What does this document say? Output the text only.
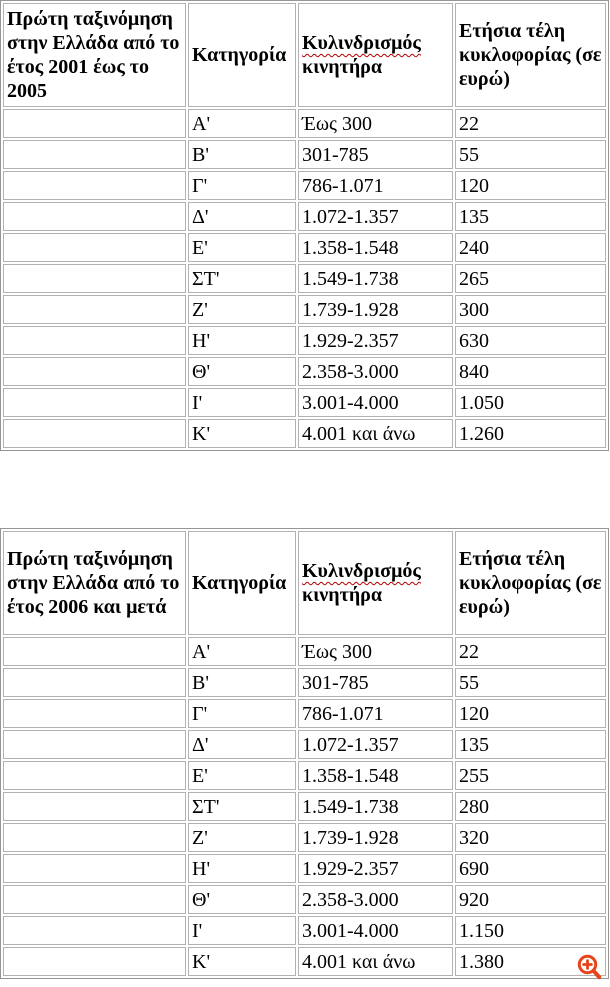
Πρώτη ταξινόμηση στην Ελλάδα από το έτος 2001 έως το 2005	Κατηγορία	Κυλινδρισμός κινητήρα	Ετήσια τέλη κυκλοφορίας (σε ευρώ)
	Α'	Έως 300	22
	Β'	301-785	55
	Γ'	786-1.071	120
	Δ'	1.072-1.357	135
	Ε'	1.358-1.548	240
	ΣΤ'	1.549-1.738	265
	Ζ'	1.739-1.928	300
	Η'	1.929-2.357	630
	Θ'	2.358-3.000	840
	Ι'	3.001-4.000	1.050
	Κ'	4.001 και άνω	1.260
Πρώτη ταξινόμηση στην Ελλάδα από το έτος 2006 και μετά	Κατηγορία	Κυλινδρισμός κινητήρα	Ετήσια τέλη κυκλοφορίας (σε ευρώ)
	Α'	Έως 300	22
	Β'	301-785	55
	Γ'	786-1.071	120
	Δ'	1.072-1.357	135
	Ε'	1.358-1.548	255
	ΣΤ'	1.549-1.738	280
	Ζ'	1.739-1.928	320
	Η'	1.929-2.357	690
	Θ'	2.358-3.000	920
	Ι'	3.001-4.000	1.150
	Κ'	4.001 και άνω	1.380
